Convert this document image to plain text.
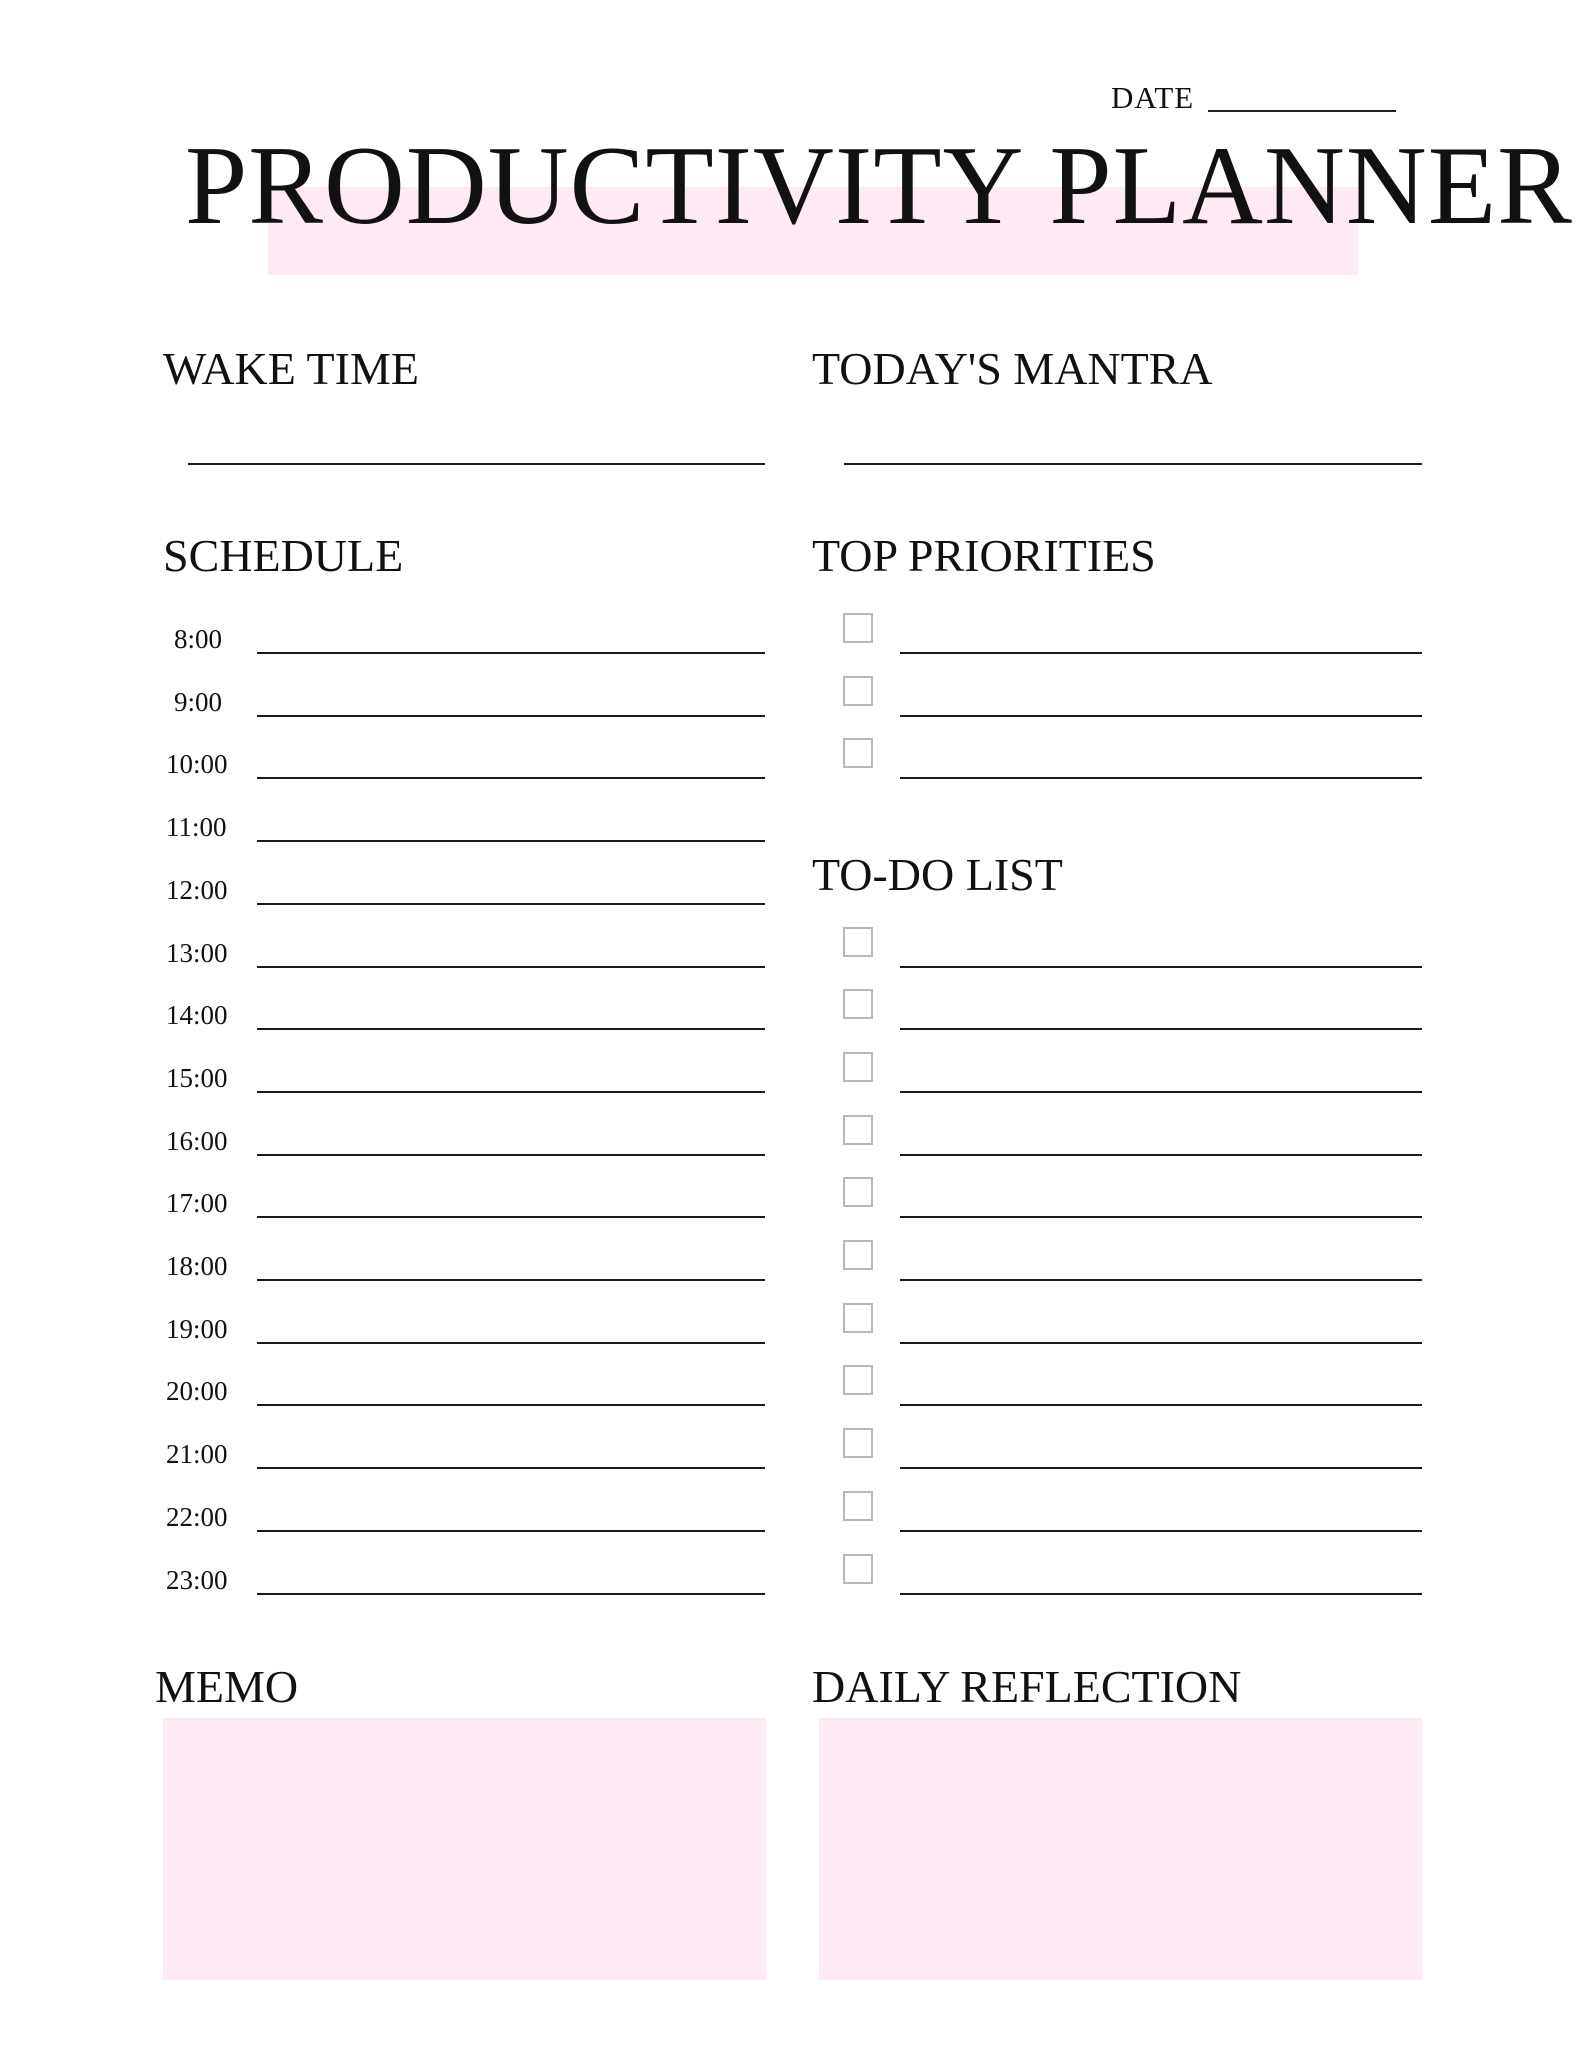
DATE
PRODUCTIVITY PLANNER
WAKE TIME	TODAY'S MANTRA
SCHEDULE
8:00
9:00
10:00
11:00
12:00
13:00
14:00
15:00
16:00
17:00
18:00
19:00
20:00
21:00
22:00
23:00
TOP PRIORITIES
TO-DO LIST
MEMO	DAILY REFLECTION
